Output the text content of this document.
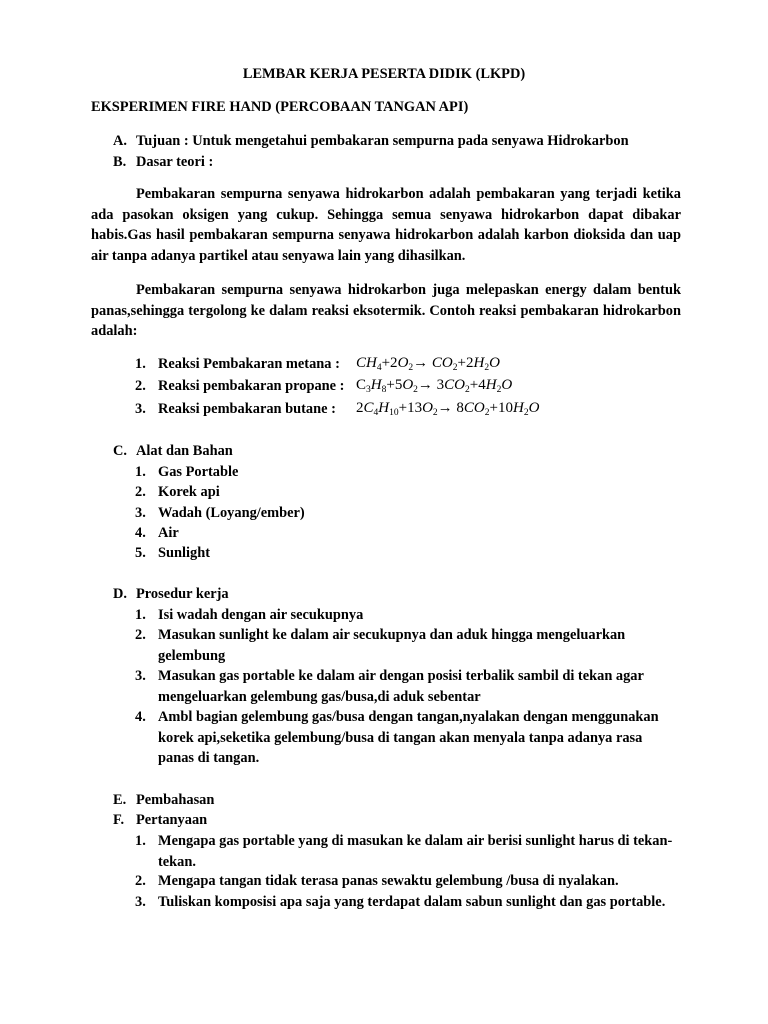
LEMBAR KERJA PESERTA DIDIK (LKPD)
EKSPERIMEN FIRE HAND (PERCOBAAN TANGAN API)
A. Tujuan : Untuk mengetahui pembakaran sempurna pada senyawa Hidrokarbon
B. Dasar teori :
Pembakaran sempurna senyawa hidrokarbon adalah pembakaran yang terjadi ketika ada pasokan oksigen yang cukup. Sehingga semua senyawa hidrokarbon dapat dibakar habis.Gas hasil pembakaran sempurna senyawa hidrokarbon adalah karbon dioksida dan uap air tanpa adanya partikel atau senyawa lain yang dihasilkan.
Pembakaran sempurna senyawa hidrokarbon juga melepaskan energy dalam bentuk panas,sehingga tergolong ke dalam reaksi eksotermik. Contoh reaksi pembakaran hidrokarbon adalah:
1. Reaksi Pembakaran metana :
2. Reaksi pembakaran propane :
3. Reaksi pembakaran butane :
$CH_4+2O_2\to CO_2+2H_2O$
$C_3H_8+5O_2\to 3CO_2+4H_2O$
$2C_4H_{10}+13O_2\to 8CO_2+10H_2O$
C. Alat dan Bahan
1. Gas Portable
2. Korek api
3. Wadah (Loyang/ember)
4. Air
5. Sunlight
D. Prosedur kerja
1. Isi wadah dengan air secukupnya
2. Masukan sunlight ke dalam air secukupnya dan aduk hingga mengeluarkan gelembung
3. Masukan gas portable ke dalam air dengan posisi terbalik sambil di tekan agar mengeluarkan gelembung gas/busa,di aduk sebentar
4. Ambl bagian gelembung gas/busa dengan tangan,nyalakan dengan menggunakan korek api,seketika gelembung/busa di tangan akan menyala tanpa adanya rasa panas di tangan.
E. Pembahasan
F. Pertanyaan
1. Mengapa gas portable yang di masukan ke dalam air berisi sunlight harus di tekan-tekan.
2. Mengapa tangan tidak terasa panas sewaktu gelembung /busa di nyalakan.
3. Tuliskan komposisi apa saja yang terdapat dalam sabun sunlight dan gas portable.
